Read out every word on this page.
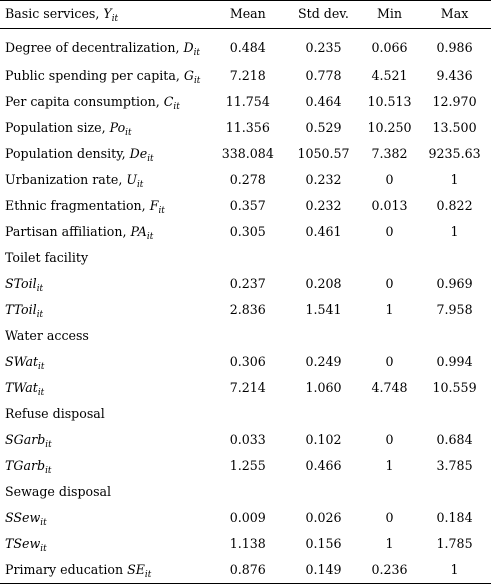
Basic services, $Y_{it}$	Mean	Std dev.	Min	Max
Degree of decentralization, $D_{it}$	0.484	0.235	0.066	0.986
Public spending per capita, $G_{it}$	7.218	0.778	4.521	9.436
Per capita consumption, $C_{it}$	11.754	0.464	10.513	12.970
Population size, $Po_{it}$	11.356	0.529	10.250	13.500
Population density, $De_{it}$	338.084	1050.57	7.382	9235.63
Urbanization rate, $U_{it}$	0.278	0.232	0	1
Ethnic fragmentation, $F_{it}$	0.357	0.232	0.013	0.822
Partisan affiliation, $PA_{it}$	0.305	0.461	0	1
Toilet facility				
SToil$_{it}$	0.237	0.208	0	0.969
TToil$_{it}$	2.836	1.541	1	7.958
Water access				
SWat$_{it}$	0.306	0.249	0	0.994
TWat$_{it}$	7.214	1.060	4.748	10.559
Refuse disposal				
SGarb$_{it}$	0.033	0.102	0	0.684
TGarb$_{it}$	1.255	0.466	1	3.785
Sewage disposal				
SSew$_{it}$	0.009	0.026	0	0.184
TSew$_{it}$	1.138	0.156	1	1.785
Primary education $SE_{it}$	0.876	0.149	0.236	1
